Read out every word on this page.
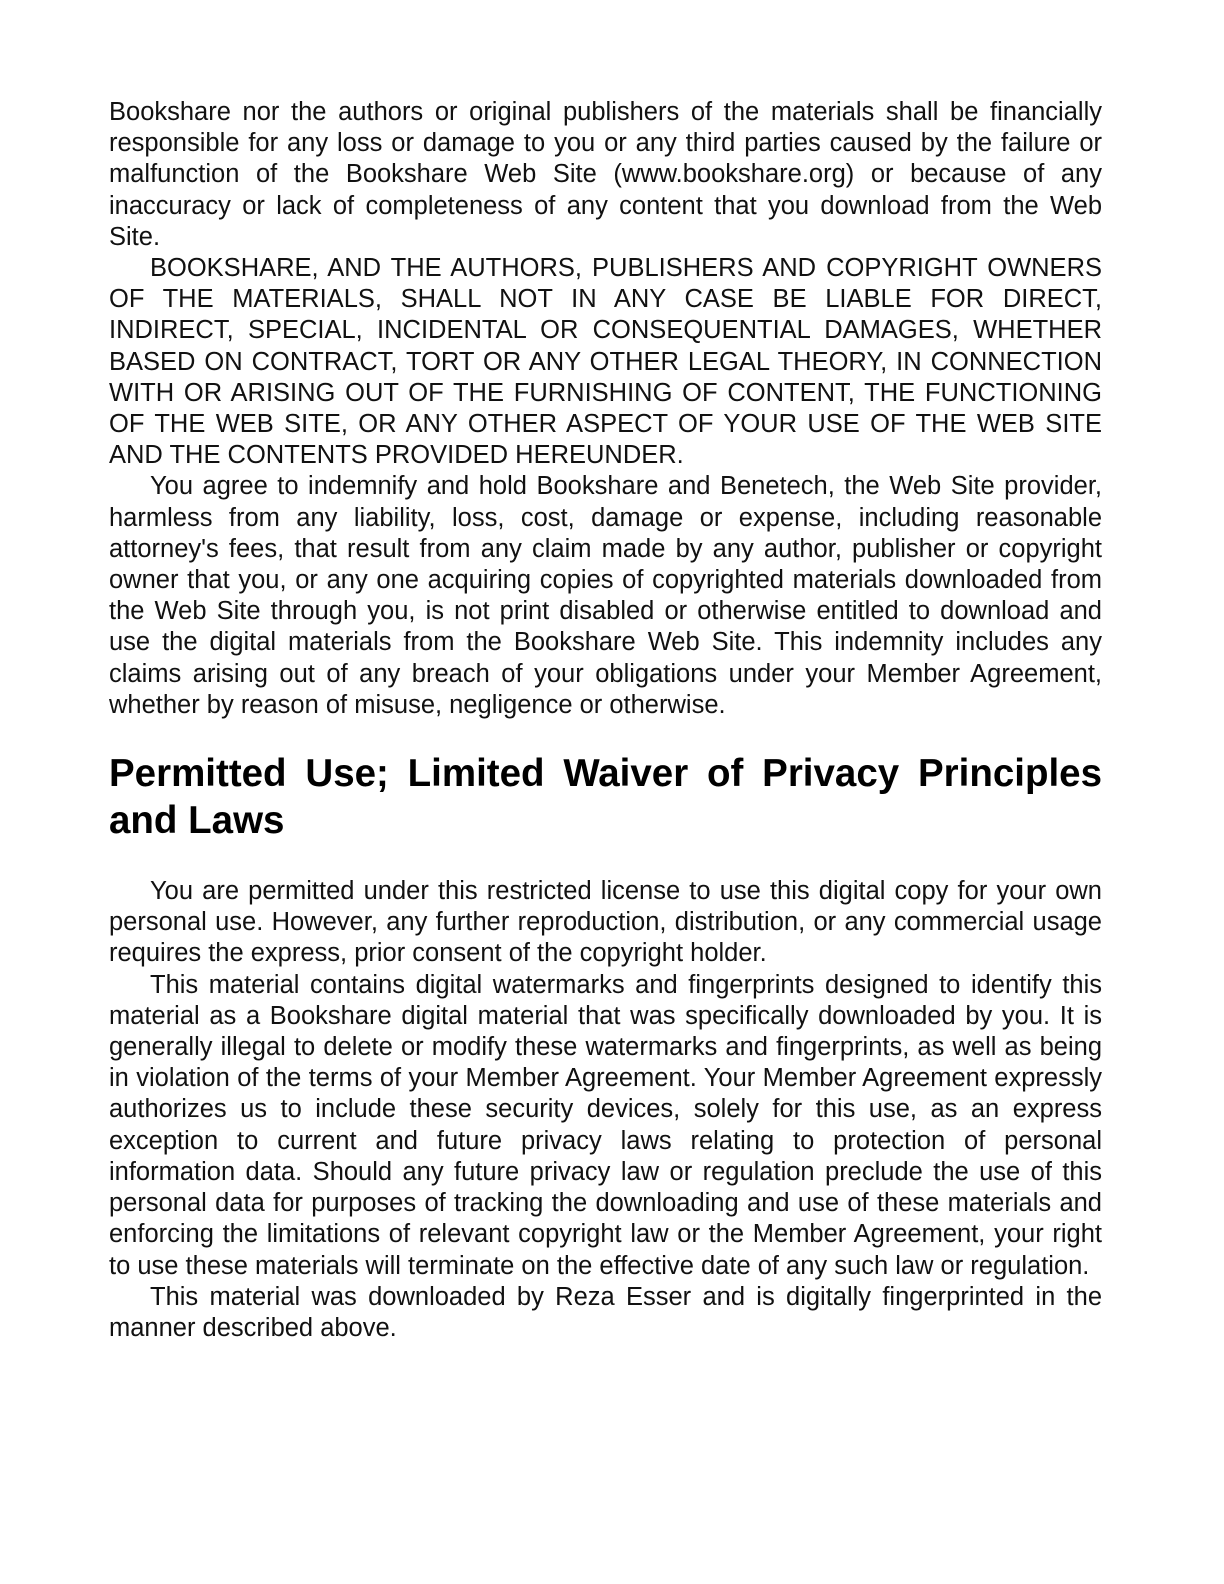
Bookshare nor the authors or original publishers of the materials shall be financially responsible for any loss or damage to you or any third parties caused by the failure or malfunction of the Bookshare Web Site (www.bookshare.org) or because of any inaccuracy or lack of completeness of any content that you download from the Web Site.

BOOKSHARE, AND THE AUTHORS, PUBLISHERS AND COPYRIGHT OWNERS OF THE MATERIALS, SHALL NOT IN ANY CASE BE LIABLE FOR DIRECT, INDIRECT, SPECIAL, INCIDENTAL OR CONSEQUENTIAL DAMAGES, WHETHER BASED ON CONTRACT, TORT OR ANY OTHER LEGAL THEORY, IN CONNECTION WITH OR ARISING OUT OF THE FURNISHING OF CONTENT, THE FUNCTIONING OF THE WEB SITE, OR ANY OTHER ASPECT OF YOUR USE OF THE WEB SITE AND THE CONTENTS PROVIDED HEREUNDER.

You agree to indemnify and hold Bookshare and Benetech, the Web Site provider, harmless from any liability, loss, cost, damage or expense, including reasonable attorney's fees, that result from any claim made by any author, publisher or copyright owner that you, or any one acquiring copies of copyrighted materials downloaded from the Web Site through you, is not print disabled or otherwise entitled to download and use the digital materials from the Bookshare Web Site. This indemnity includes any claims arising out of any breach of your obligations under your Member Agreement, whether by reason of misuse, negligence or otherwise.

Permitted Use; Limited Waiver of Privacy Principles and Laws

You are permitted under this restricted license to use this digital copy for your own personal use. However, any further reproduction, distribution, or any commercial usage requires the express, prior consent of the copyright holder.

This material contains digital watermarks and fingerprints designed to identify this material as a Bookshare digital material that was specifically downloaded by you. It is generally illegal to delete or modify these watermarks and fingerprints, as well as being in violation of the terms of your Member Agreement. Your Member Agreement expressly authorizes us to include these security devices, solely for this use, as an express exception to current and future privacy laws relating to protection of personal information data. Should any future privacy law or regulation preclude the use of this personal data for purposes of tracking the downloading and use of these materials and enforcing the limitations of relevant copyright law or the Member Agreement, your right to use these materials will terminate on the effective date of any such law or regulation.

This material was downloaded by Reza Esser and is digitally fingerprinted in the manner described above.
